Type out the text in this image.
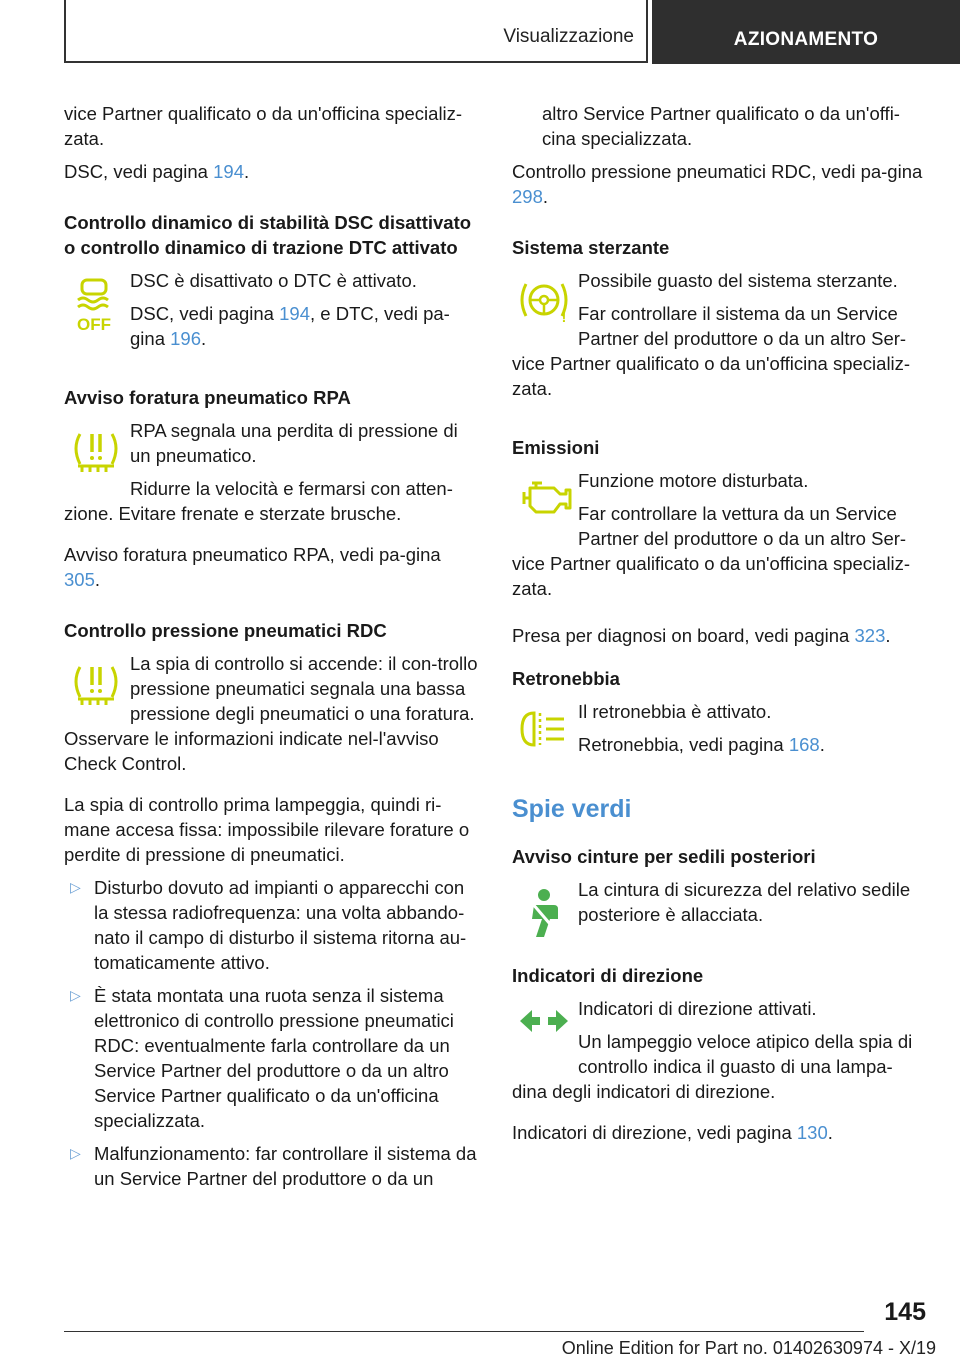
Visualizzazione	AZIONAMENTO

vice Partner qualificato o da un'officina specializ-zata.

DSC, vedi pagina 194.

Controllo dinamico di stabilità DSC disattivato o controllo dinamico di trazione DTC attivato

OFF

DSC è disattivato o DTC è attivato.

DSC, vedi pagina 194, e DTC, vedi pa-gina 196.

Avviso foratura pneumatico RPA

RPA segnala una perdita di pressione di un pneumatico.

Ridurre la velocità e fermarsi con atten-zione. Evitare frenate e sterzate brusche.

Avviso foratura pneumatico RPA, vedi pa-gina 305.

Controllo pressione pneumatici RDC

La spia di controllo si accende: il con-trollo pressione pneumatici segnala una bassa pressione degli pneumatici o una foratura. Osservare le informazioni indicate nel-l'avviso Check Control.

La spia di controllo prima lampeggia, quindi ri-mane accesa fissa: impossibile rilevare forature o perdite di pressione di pneumatici.

▷ Disturbo dovuto ad impianti o apparecchi con la stessa radiofrequenza: una volta abbando-nato il campo di disturbo il sistema ritorna au-tomaticamente attivo.
▷ È stata montata una ruota senza il sistema elettronico di controllo pressione pneumatici RDC: eventualmente farla controllare da un Service Partner del produttore o da un altro Service Partner qualificato o da un'officina specializzata.
▷ Malfunzionamento: far controllare il sistema da un Service Partner del produttore o da un

altro Service Partner qualificato o da un'offi-cina specializzata.

Controllo pressione pneumatici RDC, vedi pa-gina 298.

Sistema sterzante

!

Possibile guasto del sistema sterzante.

Far controllare il sistema da un Service Partner del produttore o da un altro Ser-vice Partner qualificato o da un'officina specializ-zata.

Emissioni

Funzione motore disturbata.

Far controllare la vettura da un Service Partner del produttore o da un altro Ser-vice Partner qualificato o da un'officina specializ-zata.

Presa per diagnosi on board, vedi pagina 323.

Retronebbia

Il retronebbia è attivato.

Retronebbia, vedi pagina 168.

Spie verdi

Avviso cinture per sedili posteriori

La cintura di sicurezza del relativo sedile posteriore è allacciata.

Indicatori di direzione

Indicatori di direzione attivati.

Un lampeggio veloce atipico della spia di controllo indica il guasto di una lampa-dina degli indicatori di direzione.

Indicatori di direzione, vedi pagina 130.

145
Online Edition for Part no. 01402630974 - X/19
